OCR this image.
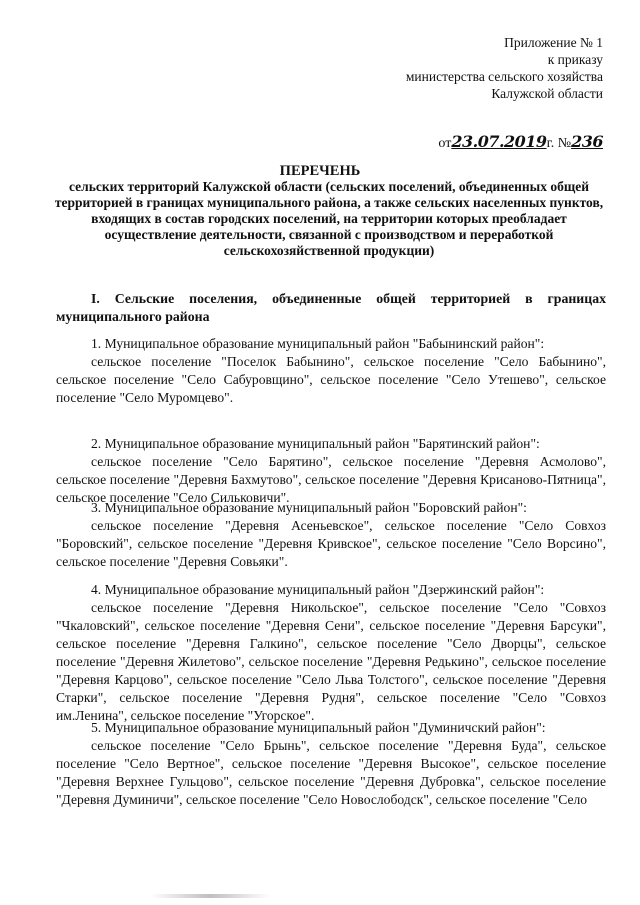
Приложение № 1
к приказу
министерства сельского хозяйства
Калужской области
от23.07.2019г. №236
ПЕРЕЧЕНЬ
сельских территорий Калужской области (сельских поселений, объединенных общей территорией в границах муниципального района, а также сельских населенных пунктов, входящих в состав городских поселений, на территории которых преобладает осуществление деятельности, связанной с производством и переработкой сельскохозяйственной продукции)
I. Сельские поселения, объединенные общей территорией в границах муниципального района
1. Муниципальное образование муниципальный район "Бабынинский район":
сельское поселение "Поселок Бабынино", сельское поселение "Село Бабынино", сельское поселение "Село Сабуровщино", сельское поселение "Село Утешево", сельское поселение "Село Муромцево".
2. Муниципальное образование муниципальный район "Барятинский район":
сельское поселение "Село Барятино", сельское поселение "Деревня Асмолово", сельское поселение "Деревня Бахмутово", сельское поселение "Деревня Крисаново-Пятница", сельское поселение "Село Сильковичи".
3. Муниципальное образование муниципальный район "Боровский район":
сельское поселение "Деревня Асеньевское", сельское поселение "Село Совхоз "Боровский", сельское поселение "Деревня Кривское", сельское поселение "Село Ворсино", сельское поселение "Деревня Совьяки".
4. Муниципальное образование муниципальный район "Дзержинский район":
сельское поселение "Деревня Никольское", сельское поселение "Село "Совхоз "Чкаловский", сельское поселение "Деревня Сени", сельское поселение "Деревня Барсуки", сельское поселение "Деревня Галкино", сельское поселение "Село Дворцы", сельское поселение "Деревня Жилетово", сельское поселение "Деревня Редькино", сельское поселение "Деревня Карцово", сельское поселение "Село Льва Толстого", сельское поселение "Деревня Старки", сельское поселение "Деревня Рудня", сельское поселение "Село "Совхоз им.Ленина", сельское поселение "Угорское".
5. Муниципальное образование муниципальный район "Думиничский район":
сельское поселение "Село Брынь", сельское поселение "Деревня Буда", сельское поселение "Село Вертное", сельское поселение "Деревня Высокое", сельское поселение "Деревня Верхнее Гульцово", сельское поселение "Деревня Дубровка", сельское поселение "Деревня Думиничи", сельское поселение "Село Новослободск", сельское поселение "Село
